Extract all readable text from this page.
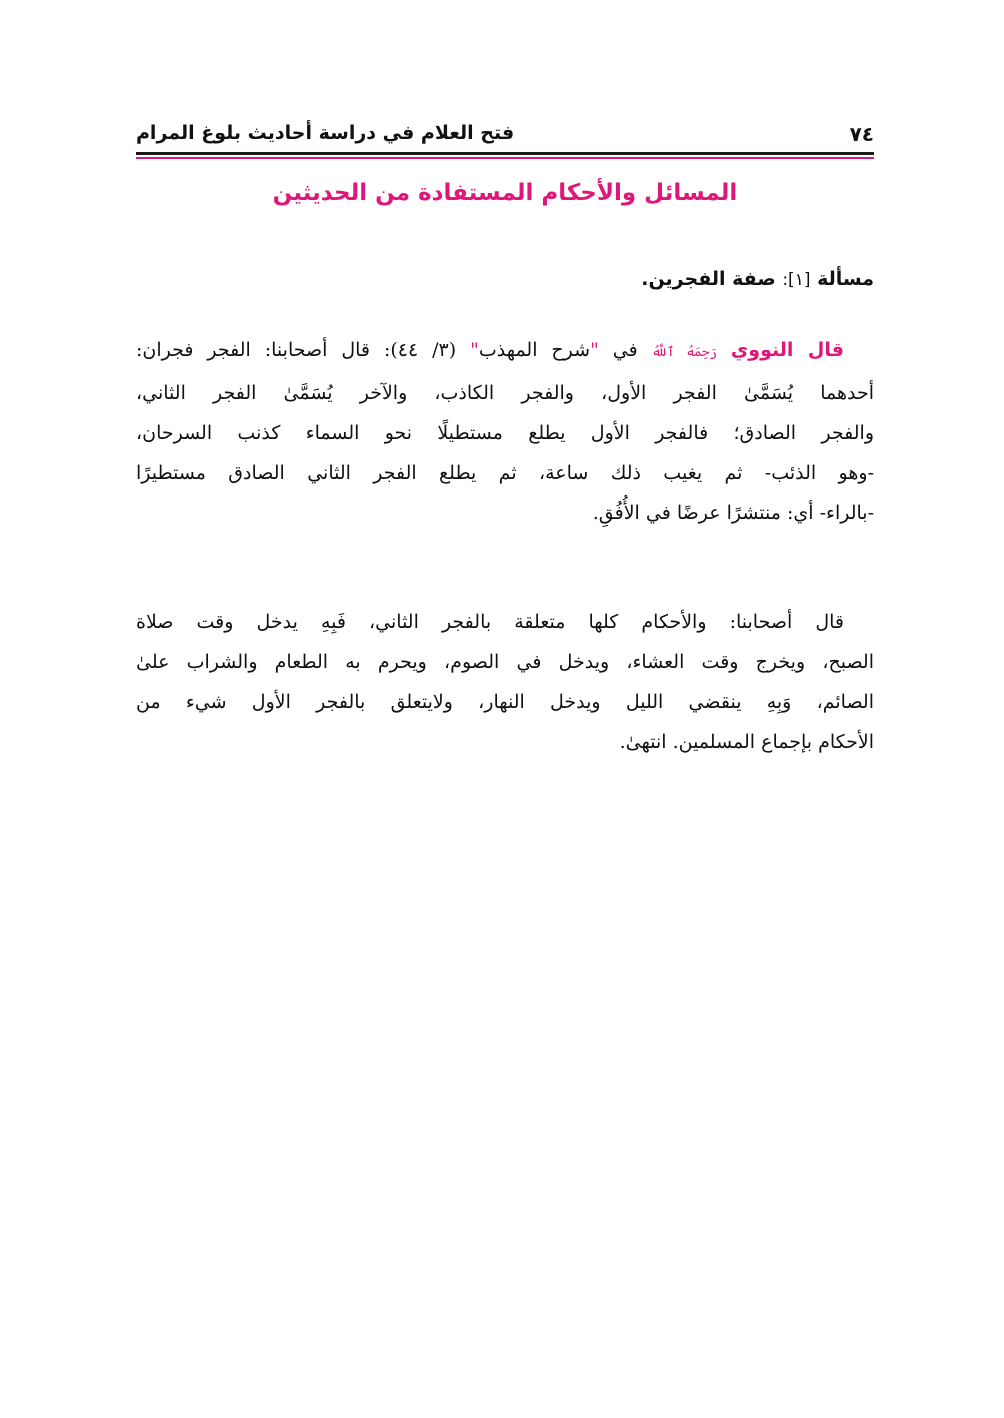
٧٤
فتح العلام في دراسة أحاديث بلوغ المرام
المسائل والأحكام المستفادة من الحديثين
مسألة [١]: صفة الفجرين.
قال النووي رَحِمَهُ ٱللَّهُ في "شرح المهذب" (٣/ ٤٤): قال أصحابنا: الفجر فجران:
أحدهما يُسَمَّىٰ الفجر الأول، والفجر الكاذب، والآخر يُسَمَّىٰ الفجر الثاني،
والفجر الصادق؛ فالفجر الأول يطلع مستطيلًا نحو السماء كذنب السرحان،
-وهو الذئب- ثم يغيب ذلك ساعة، ثم يطلع الفجر الثاني الصادق مستطيرًا
-بالراء- أي: منتشرًا عرضًا في الأُفُقِ.
قال أصحابنا: والأحكام كلها متعلقة بالفجر الثاني، فَبِهِ يدخل وقت صلاة
الصبح، ويخرج وقت العشاء، ويدخل في الصوم، ويحرم به الطعام والشراب علىٰ
الصائم، وَبِهِ ينقضي الليل ويدخل النهار، ولايتعلق بالفجر الأول شيء من
الأحكام بإجماع المسلمين. انتهىٰ.
